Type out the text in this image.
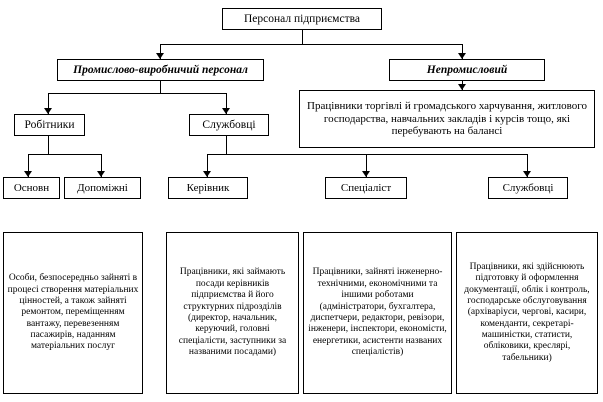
Персонал підприємства
Промислово-виробничий персонал	Непромисловий
Працівники торгівлі й громадського харчування, житлового господарства, навчальних закладів і курсів тощо, які перебувають на балансі
Робітники	Службовці
Основн	Допоміжні	Керівник	Спеціаліст	Службовці
Особи, безпосередньо зайняті в процесі створення матеріальних цінностей, а також зайняті ремонтом, переміщенням вантажу, перевезенням пасажирів, наданням матеріальних послуг
Працівники, які займають посади керівників підприємства й його структурних підрозділів (директор, начальник, керуючий, головні спеціалісти, заступники за названими посадами)
Працівники, зайняті інженерно-технічними, економічними та іншими роботами (адміністратори, бухгалтера, диспетчери, редактори, ревізори, інженери, інспектори, економісти, енергетики, асистенти названих спеціалістів)
Працівники, які здійснюють підготовку й оформлення документації, облік і контроль, господарське обслуговування (архіваріуси, чергові, касири, коменданти, секретарі-машиністки, статисти, обліковики, креслярі, табельники)
